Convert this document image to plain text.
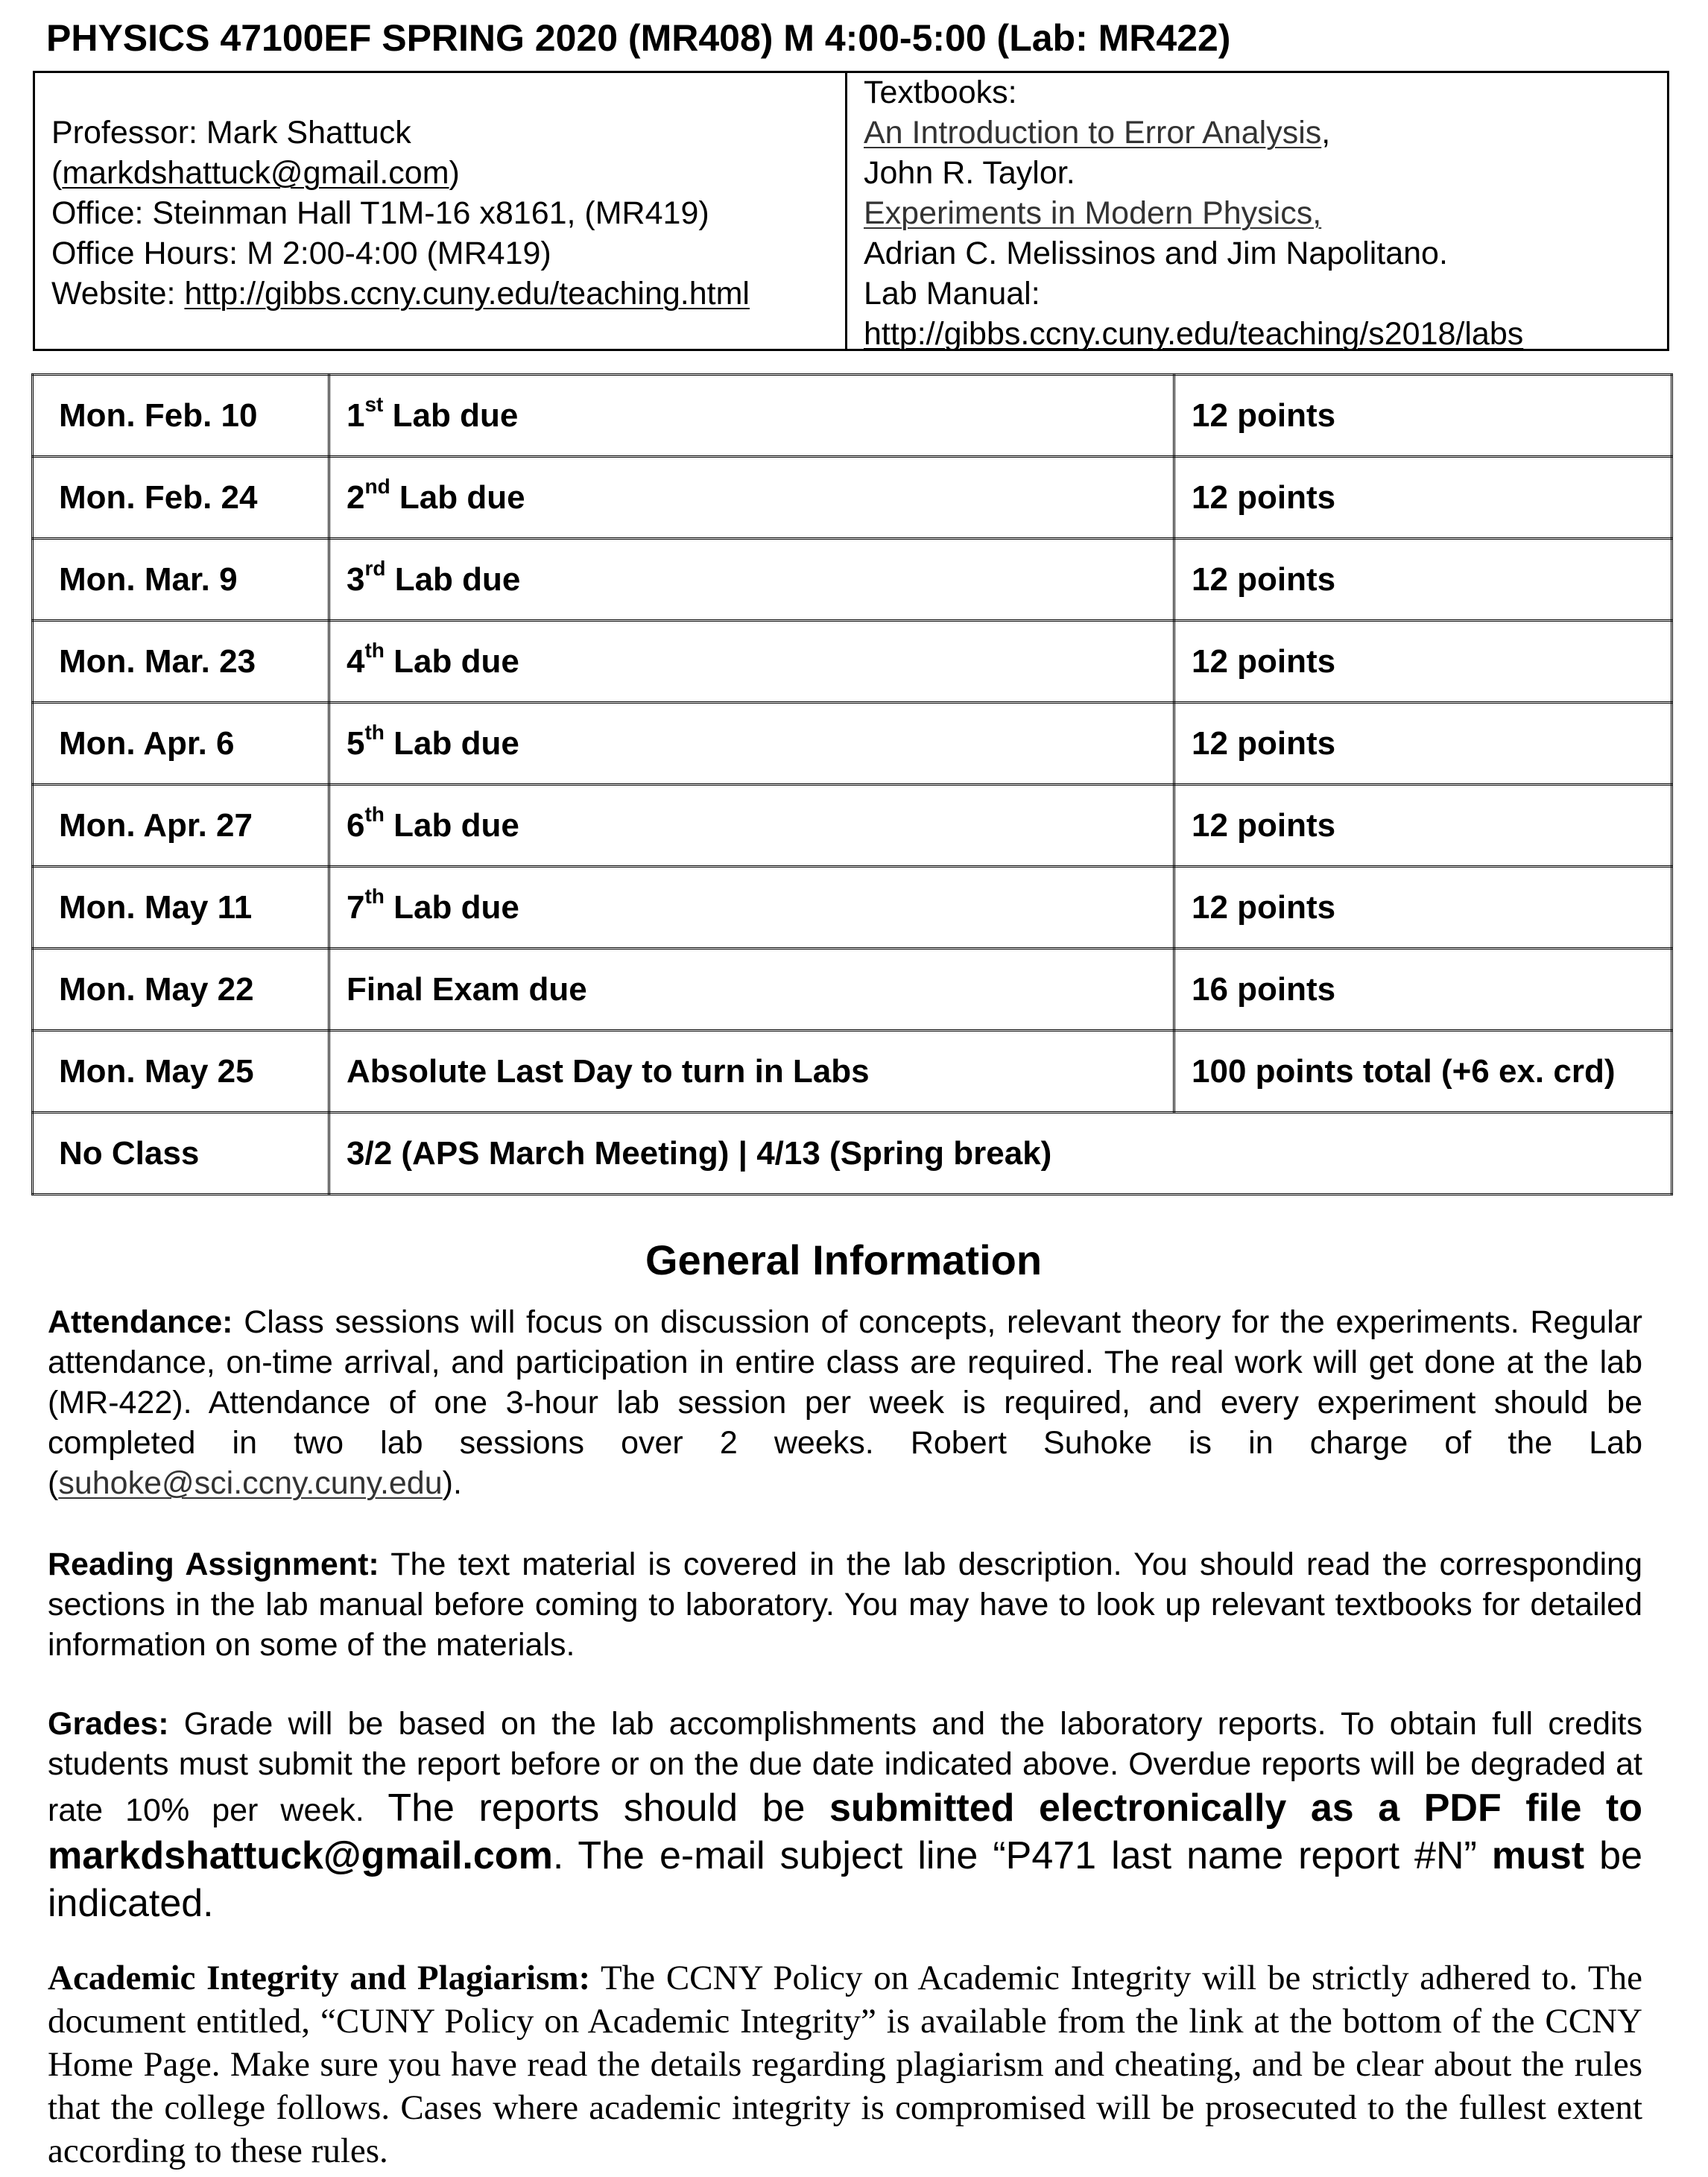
PHYSICS 47100EF SPRING 2020 (MR408) M 4:00-5:00 (Lab: MR422)
Professor: Mark Shattuck
(markdshattuck@gmail.com)
Office: Steinman Hall T1M-16 x8161, (MR419)
Office Hours: M 2:00-4:00 (MR419)
Website: http://gibbs.ccny.cuny.edu/teaching.html
Textbooks:
An Introduction to Error Analysis,
John R. Taylor.
Experiments in Modern Physics,
Adrian C. Melissinos and Jim Napolitano.
Lab Manual:
http://gibbs.ccny.cuny.edu/teaching/s2018/labs
Mon. Feb. 10	1st Lab due	12 points
Mon. Feb. 24	2nd Lab due	12 points
Mon. Mar. 9	3rd Lab due	12 points
Mon. Mar. 23	4th Lab due	12 points
Mon. Apr. 6	5th Lab due	12 points
Mon. Apr. 27	6th Lab due	12 points
Mon. May 11	7th Lab due	12 points
Mon. May 22	Final Exam due	16 points
Mon. May 25	Absolute Last Day to turn in Labs	100 points total (+6 ex. crd)
No Class	3/2 (APS March Meeting) | 4/13 (Spring break)	
General Information
Attendance: Class sessions will focus on discussion of concepts, relevant theory for the experiments. Regular attendance, on-time arrival, and participation in entire class are required. The real work will get done at the lab (MR-422). Attendance of one 3-hour lab session per week is required, and every experiment should be completed in two lab sessions over 2 weeks. Robert Suhoke is in charge of the Lab (suhoke@sci.ccny.cuny.edu).
Reading Assignment: The text material is covered in the lab description. You should read the corresponding sections in the lab manual before coming to laboratory. You may have to look up relevant textbooks for detailed information on some of the materials.
Grades: Grade will be based on the lab accomplishments and the laboratory reports. To obtain full credits students must submit the report before or on the due date indicated above. Overdue reports will be degraded at rate 10% per week. The reports should be submitted electronically as a PDF file to markdshattuck@gmail.com. The e-mail subject line “P471 last name report #N” must be indicated.
Academic Integrity and Plagiarism: The CCNY Policy on Academic Integrity will be strictly adhered to. The document entitled, “CUNY Policy on Academic Integrity” is available from the link at the bottom of the CCNY Home Page. Make sure you have read the details regarding plagiarism and cheating, and be clear about the rules that the college follows. Cases where academic integrity is compromised will be prosecuted to the fullest extent according to these rules.
